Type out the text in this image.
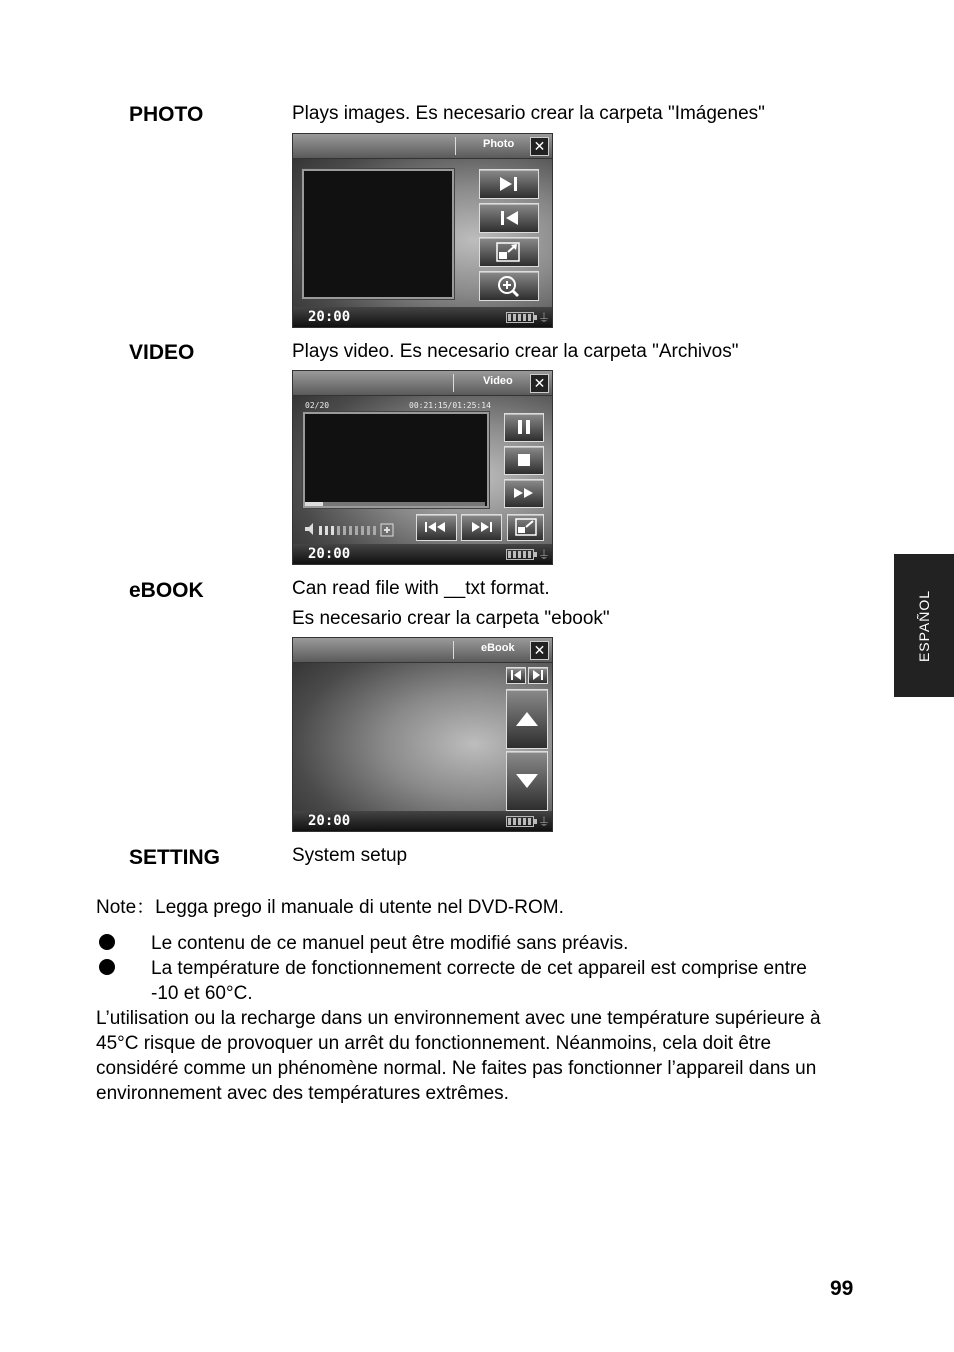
PHOTO	Plays images. Es necesario crear la carpeta "Imágenes"
Photo ✕
20:00	⏚
VIDEO	Plays video. Es necesario crear la carpeta "Archivos"
Video ✕
02/20	00:21:15/01:25:14
20:00	⏚
eBOOK	Can read file with __txt format.
Es necesario crear la carpeta "ebook"
eBook ✕
20:00	⏚
SETTING	System setup
Note：Legga prego il manuale di utente nel DVD-ROM.
Le contenu de ce manuel peut être modifié sans préavis.
La température de fonctionnement correcte de cet appareil est comprise entre -10 et 60°C.
L’utilisation ou la recharge dans un environnement avec une température supérieure à 45°C risque de provoquer un arrêt du fonctionnement. Néanmoins, cela doit être considéré comme un phénomène normal. Ne faites pas fonctionner l’appareil dans un environnement avec des températures extrêmes.
ESPAÑOL
99
